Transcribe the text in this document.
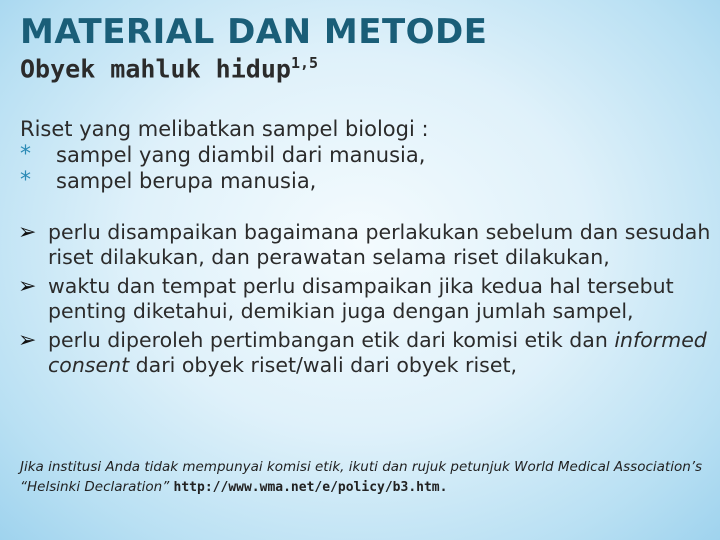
MATERIAL DAN METODE
Obyek mahluk hidup$^{1,5}$
Riset yang melibatkan sampel biologi :
*	sampel yang diambil dari manusia,
*	sampel berupa manusia,
➢ perlu disampaikan bagaimana perlakukan sebelum dan sesudah riset dilakukan, dan perawatan selama riset dilakukan,
➢ waktu dan tempat perlu disampaikan jika kedua hal tersebut penting diketahui, demikian juga dengan jumlah sampel,
➢ perlu diperoleh pertimbangan etik dari komisi etik dan informed consent dari obyek riset/wali dari obyek riset,
Jika institusi Anda tidak mempunyai komisi etik, ikuti dan rujuk petunjuk World Medical Association’s “Helsinki Declaration” http://www.wma.net/e/policy/b3.htm.
